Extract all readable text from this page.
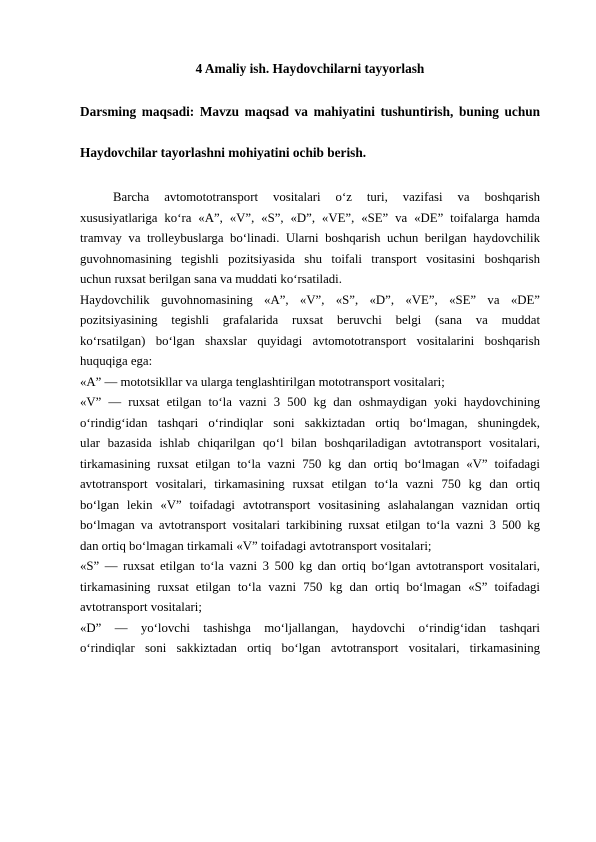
4 Amaliy ish. Haydovchilarni tayyorlash
Darsming maqsadi: Mavzu maqsad va mahiyatini tushuntirish, buning uchun
Haydovchilar tayorlashni mohiyatini ochib berish.
Barcha avtomototransport vositalari o‘z turi, vazifasi va boshqarish
xususiyatlariga ko‘ra «A”, «V”, «S”, «D”, «VE”, «SE” va «DE” toifalarga hamda
tramvay va trolleybuslarga bo‘linadi. Ularni boshqarish uchun berilgan haydovchilik
guvohnomasining tegishli pozitsiyasida shu toifali transport vositasini boshqarish
uchun ruxsat berilgan sana va muddati ko‘rsatiladi.
Haydovchilik guvohnomasining «A”, «V”, «S”, «D”, «VE”, «SE” va «DE”
pozitsiyasining tegishli grafalarida ruxsat beruvchi belgi (sana va muddat
ko‘rsatilgan) bo‘lgan shaxslar quyidagi avtomototransport vositalarini boshqarish
huquqiga ega:
«A” — mototsikllar va ularga tenglashtirilgan mototransport vositalari;
«V” — ruxsat etilgan to‘la vazni 3 500 kg dan oshmaydigan yoki haydovchining
o‘rindig‘idan tashqari o‘rindiqlar soni sakkiztadan ortiq bo‘lmagan, shuningdek,
ular bazasida ishlab chiqarilgan qo‘l bilan boshqariladigan avtotransport vositalari,
tirkamasining ruxsat etilgan to‘la vazni 750 kg dan ortiq bo‘lmagan «V” toifadagi
avtotransport vositalari, tirkamasining ruxsat etilgan to‘la vazni 750 kg dan ortiq
bo‘lgan lekin «V” toifadagi avtotransport vositasining aslahalangan vaznidan ortiq
bo‘lmagan va avtotransport vositalari tarkibining ruxsat etilgan to‘la vazni 3 500 kg
dan ortiq bo‘lmagan tirkamali «V” toifadagi avtotransport vositalari;
«S” — ruxsat etilgan to‘la vazni 3 500 kg dan ortiq bo‘lgan avtotransport vositalari,
tirkamasining ruxsat etilgan to‘la vazni 750 kg dan ortiq bo‘lmagan «S” toifadagi
avtotransport vositalari;
«D” — yo‘lovchi tashishga mo‘ljallangan, haydovchi o‘rindig‘idan tashqari
o‘rindiqlar soni sakkiztadan ortiq bo‘lgan avtotransport vositalari, tirkamasining
